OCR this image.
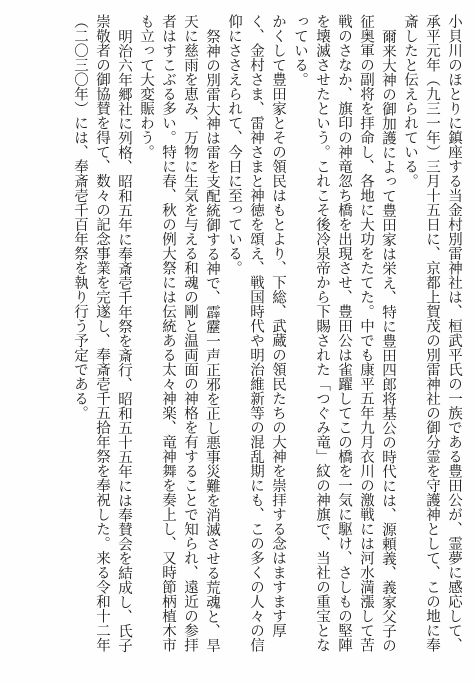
小貝川のほとりに鎮座する当金村別雷神社は、桓武平氏の一族である豊田公が、霊夢に感応して、承平元年（九三一年）三月十五日に、京都上賀茂の別雷神社の御分霊を守護神として、この地に奉斎したと伝えられている。

爾来大神の御加護によって豊田家は栄え、特に豊田四郎将基公の時代には、源頼義、義家父子の征奥軍の副将を拝命し、各地に大功をたてた。中でも康平五年九月衣川の激戦には河水満漲して苦戦のさなか、旗印の神竜忽ち橋を出現させ、豊田公は雀躍してこの橋を一気に駆け、さしもの堅陣を壊滅させたという。これこそ後冷泉帝から下賜された「つぐみ竜」紋の神旗で、当社の重宝となっている。

かくして豊田家とその領民はもとより、下総、武蔵の領民たちの大神を崇拝する念はますます厚く、金村さま、雷神さまと神徳を頌え、戦国時代や明治維新等の混乱期にも、この多くの人々の信仰にささえられて、今日に至っている。

祭神の別雷大神は雷を支配統御する神で、霹靂一声正邪を正し悪事災難を消滅させる荒魂と、旱天に慈雨を恵み、万物に生気を与える和魂の剛と温両面の神格を有することで知られ、遠近の参拝者はすこぶる多い。特に春、秋の例大祭には伝統ある太々神楽、竜神舞を奏上し、又時節柄植木市も立って大変賑わう。

明治六年郷社に列格、昭和五年に奉斎壱千年祭を斎行、昭和五十五年には奉賛会を結成し、氏子崇敬者の御協賛を得て、数々の記念事業を完遂し、奉斎壱千五拾年祭を奉祝した。来る令和十二年（二〇三〇年）には、奉斎壱千百年祭を執り行う予定である。
